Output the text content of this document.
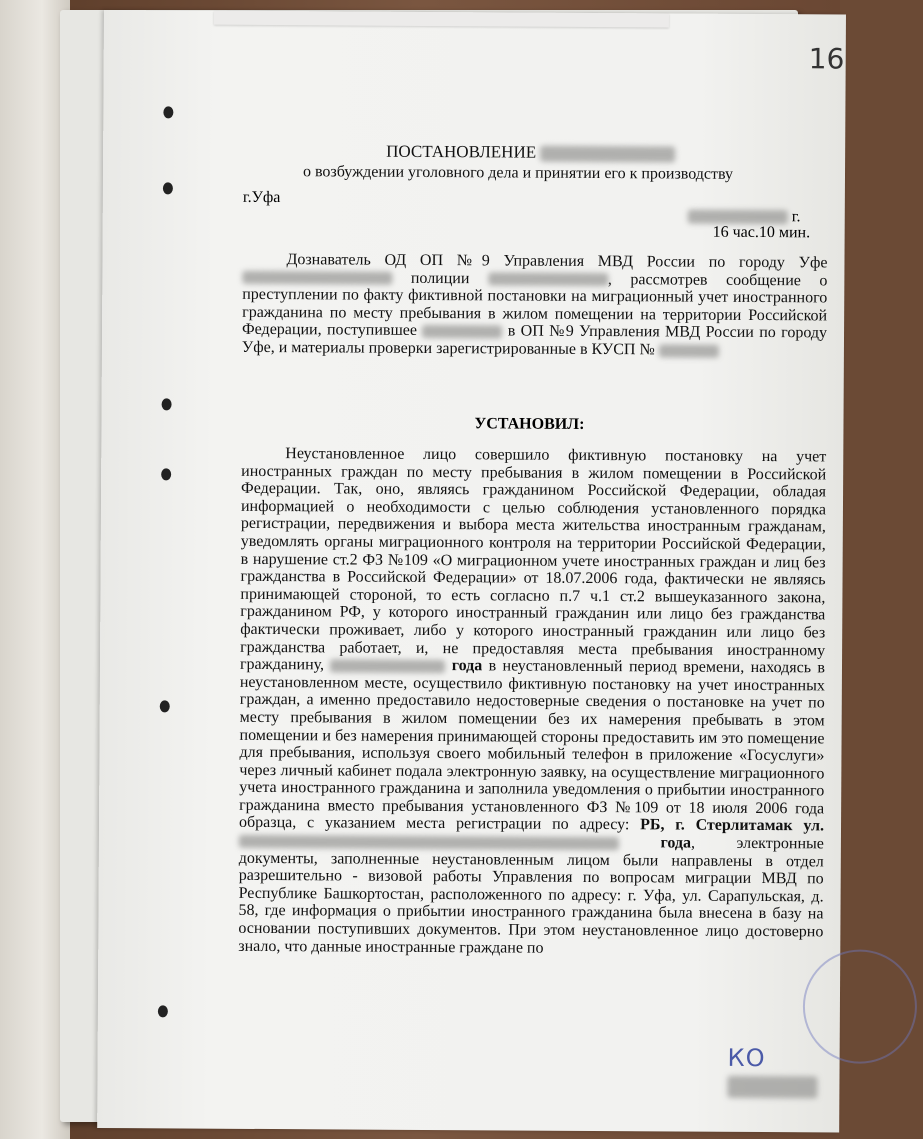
16
ПОСТАНОВЛЕНИЕ
о возбуждении уголовного дела и принятии его к производству
г.Уфа
г.
16 час.10 мин.
Дознаватель ОД ОП №9 Управления МВД России по городу Уфе  полиции	, рассмотрев сообщение о преступлении по факту фиктивной постановки на миграционный учет иностранного гражданина по месту пребывания в жилом помещении на территории Российской Федерации, поступившее	в ОП №9 Управления МВД России по городу Уфе, и материалы проверки зарегистрированные в КУСП №
УСТАНОВИЛ:
Неустановленное лицо совершило фиктивную постановку на учет иностранных граждан по месту пребывания в жилом помещении в Российской Федерации. Так, оно, являясь гражданином Российской Федерации, обладая информацией о необходимости с целью соблюдения установленного порядка регистрации, передвижения и выбора места жительства иностранным гражданам, уведомлять органы миграционного контроля на территории Российской Федерации, в нарушение ст.2 ФЗ №109 «О миграционном учете иностранных граждан и лиц без гражданства в Российской Федерации» от 18.07.2006 года, фактически не являясь принимающей стороной, то есть согласно п.7 ч.1 ст.2 вышеуказанного закона, гражданином РФ, у которого иностранный гражданин или лицо без гражданства фактически проживает, либо у которого иностранный гражданин или лицо без гражданства работает, и, не предоставляя места пребывания иностранному гражданину,	года в неустановленный период времени, находясь в неустановленном месте, осуществило фиктивную постановку на учет иностранных граждан, а именно предоставило недостоверные сведения о постановке на учет по месту пребывания в жилом помещении без их намерения пребывать в этом помещении и без намерения принимающей стороны предоставить им это помещение для пребывания, используя своего мобильный телефон в приложение «Госуслуги» через личный кабинет подала электронную заявку, на осуществление миграционного учета иностранного гражданина и заполнила уведомления о прибытии иностранного гражданина вместо пребывания установленного ФЗ №109 от 18 июля 2006 года образца, с указанием места регистрации по адресу: РБ, г. Стерлитамак ул.  года, электронные документы, заполненные неустановленным лицом были направлены в отдел разрешительно - визовой работы Управления по вопросам миграции МВД по Республике Башкортостан, расположенного по адресу: г. Уфа, ул. Сарапульская, д. 58, где информация о прибытии иностранного гражданина была внесена в базу на основании поступивших документов. При этом неустановленное лицо достоверно знало, что данные иностранные граждане по
КО
